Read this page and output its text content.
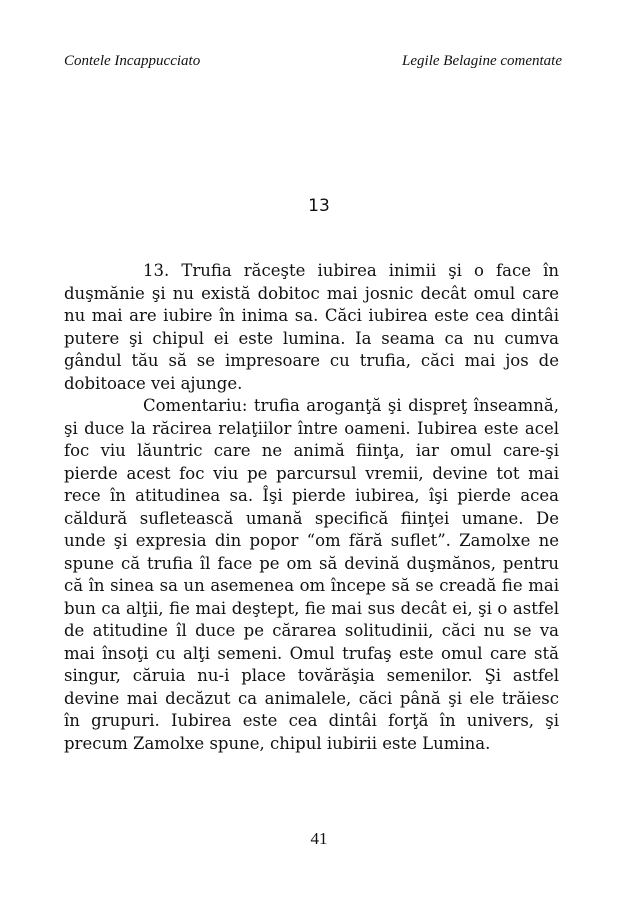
Contele Incappucciato	Legile Belagine comentate
13

13. Trufia răceşte iubirea inimii şi o face în duşmănie şi nu există dobitoc mai josnic decât omul care nu mai are iubire în inima sa. Căci iubirea este cea dintâi putere şi chipul ei este lumina. Ia seama ca nu cumva gândul tău să se impresoare cu trufia, căci mai jos de dobitoace vei ajunge.

Comentariu: trufia aroganţă şi dispreţ înseamnă, şi duce la răcirea relaţiilor între oameni. Iubirea este acel foc viu lăuntric care ne animă fiinţa, iar omul care-şi pierde acest foc viu pe parcursul vremii, devine tot mai rece în atitudinea sa. Îşi pierde iubirea, îşi pierde acea căldură sufletească umană specifică fiinţei umane. De unde şi expresia din popor “om fără suflet”. Zamolxe ne spune că trufia îl face pe om să devină duşmănos, pentru că în sinea sa un asemenea om începe să se creadă fie mai bun ca alţii, fie mai deştept, fie mai sus decât ei, şi o astfel de atitudine îl duce pe cărarea solitudinii, căci nu se va mai însoţi cu alţi semeni. Omul trufaş este omul care stă singur, căruia nu-i place tovărăşia semenilor. Şi astfel devine mai decăzut ca animalele, căci până şi ele trăiesc în grupuri. Iubirea este cea dintâi forţă în univers, şi precum Zamolxe spune, chipul iubirii este Lumina.

41
